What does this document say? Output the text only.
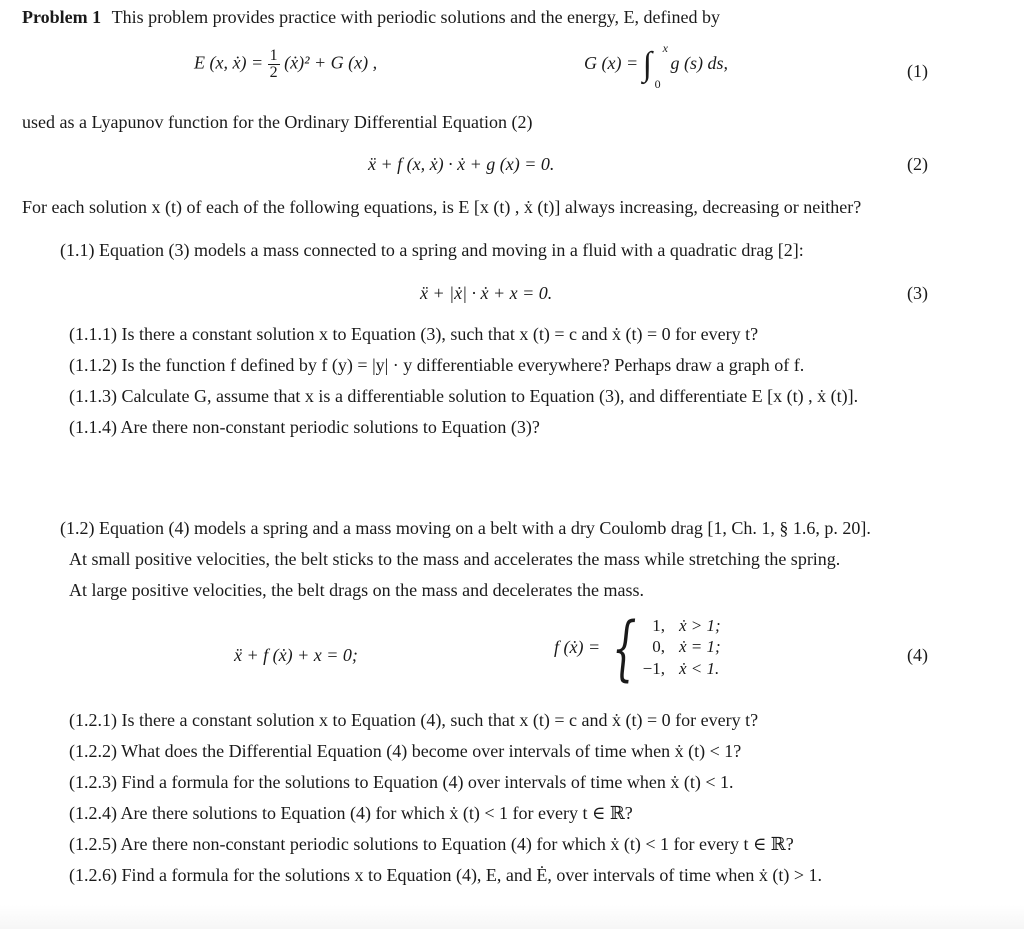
Problem 1 This problem provides practice with periodic solutions and the energy, E, defined by
E (x, ẋ) = $\frac{1}{2}$ (ẋ)² + G (x) ,	G (x) = ∫ x
0
g (s) ds,	(1)
used as a Lyapunov function for the Ordinary Differential Equation (2)
ẍ + f (x, ẋ) · ẋ + g (x) = 0.	(2)
For each solution x (t) of each of the following equations, is E [x (t) , ẋ (t)] always increasing, decreasing or neither?
(1.1) Equation (3) models a mass connected to a spring and moving in a fluid with a quadratic drag [2]:
ẍ + |ẋ| · ẋ + x = 0.	(3)
(1.1.1) Is there a constant solution x to Equation (3), such that x (t) = c and ẋ (t) = 0 for every t?
(1.1.2) Is the function f defined by f (y) = |y| · y differentiable everywhere? Perhaps draw a graph of f.
(1.1.3) Calculate G, assume that x is a differentiable solution to Equation (3), and differentiate E [x (t) , ẋ (t)].
(1.1.4) Are there non-constant periodic solutions to Equation (3)?
(1.2) Equation (4) models a spring and a mass moving on a belt with a dry Coulomb drag [1, Ch. 1, § 1.6, p. 20].
At small positive velocities, the belt sticks to the mass and accelerates the mass while stretching the spring.
At large positive velocities, the belt drags on the mass and decelerates the mass.
ẍ + f (ẋ) + x = 0;	f (ẋ) = { 1, ẋ > 1;
0, ẋ = 1;
−1, ẋ < 1.
(4)
(1.2.1) Is there a constant solution x to Equation (4), such that x (t) = c and ẋ (t) = 0 for every t?
(1.2.2) What does the Differential Equation (4) become over intervals of time when ẋ (t) < 1?
(1.2.3) Find a formula for the solutions to Equation (4) over intervals of time when ẋ (t) < 1.
(1.2.4) Are there solutions to Equation (4) for which ẋ (t) < 1 for every t ∈ ℝ?
(1.2.5) Are there non-constant periodic solutions to Equation (4) for which ẋ (t) < 1 for every t ∈ ℝ?
(1.2.6) Find a formula for the solutions x to Equation (4), E, and Ė, over intervals of time when ẋ (t) > 1.
